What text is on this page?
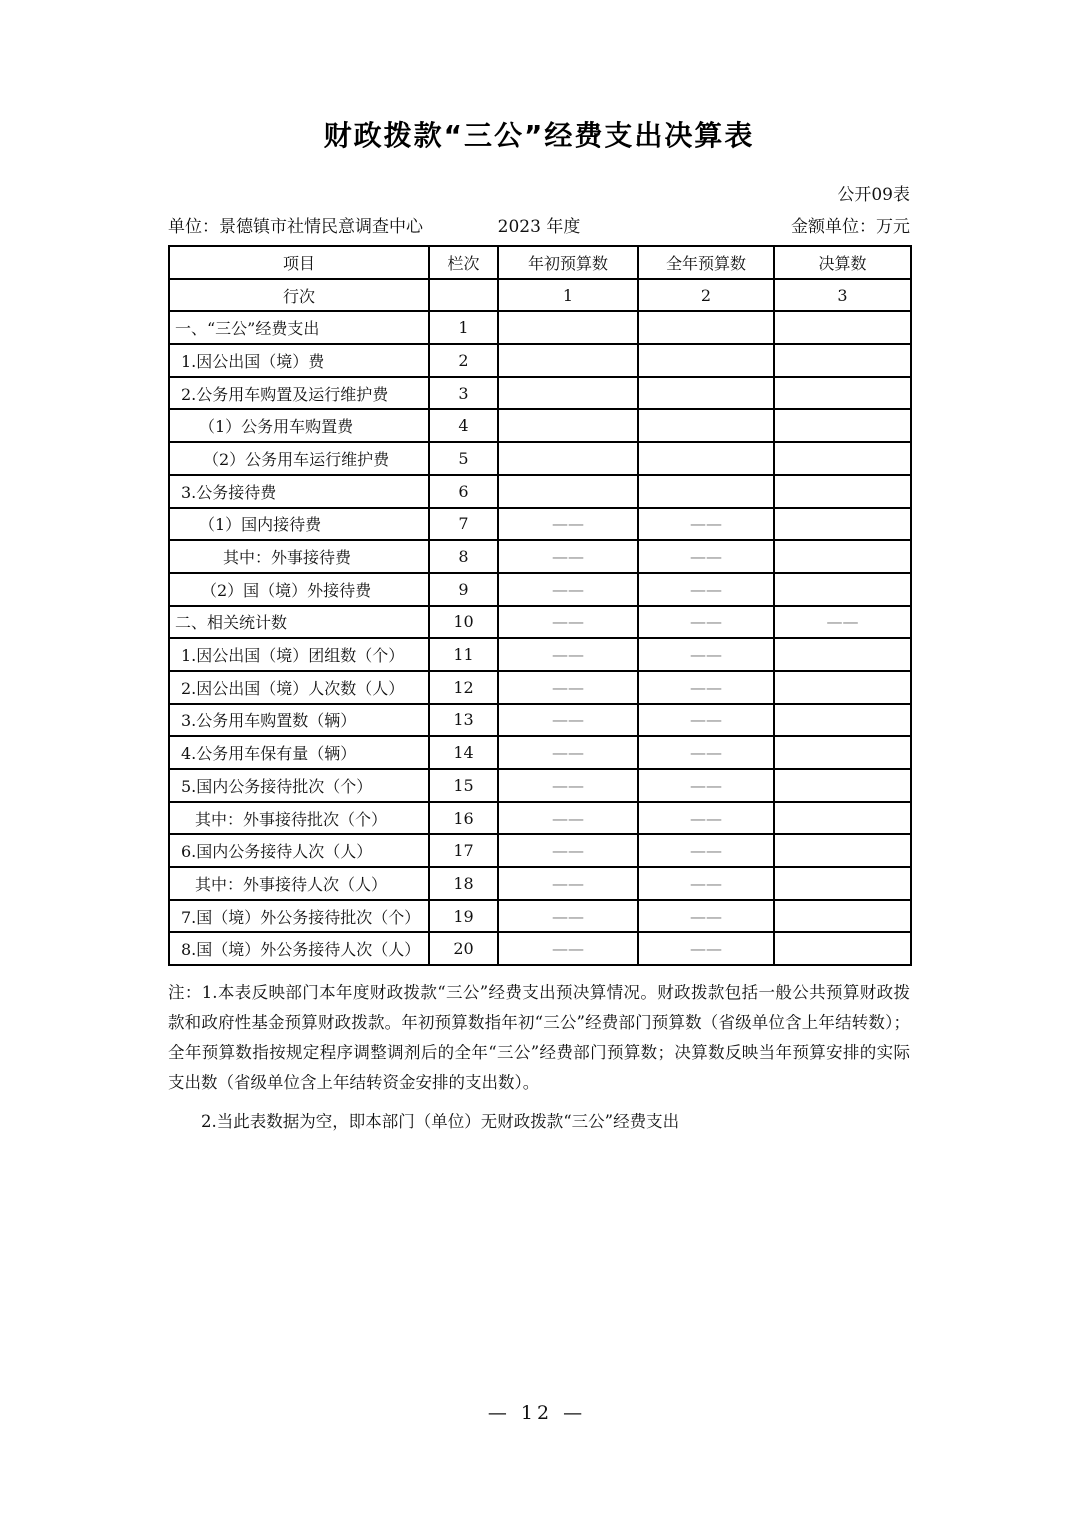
财政拨款“三公”经费支出决算表
公开09表
单位：景德镇市社情民意调查中心	2023 年度	金额单位：万元
项目	栏次	年初预算数	全年预算数	决算数
行次		1	2	3
一、“三公”经费支出	1			
1.因公出国（境）费	2			
2.公务用车购置及运行维护费	3			
（1）公务用车购置费	4			
（2）公务用车运行维护费	5			
3.公务接待费	6			
（1）国内接待费	7	——	——	
其中：外事接待费	8	——	——	
（2）国（境）外接待费	9	——	——	
二、相关统计数	10	——	——	——
1.因公出国（境）团组数（个）	11	——	——	
2.因公出国（境）人次数（人）	12	——	——	
3.公务用车购置数（辆）	13	——	——	
4.公务用车保有量（辆）	14	——	——	
5.国内公务接待批次（个）	15	——	——	
其中：外事接待批次（个）	16	——	——	
6.国内公务接待人次（人）	17	——	——	
其中：外事接待人次（人）	18	——	——	
7.国（境）外公务接待批次（个）	19	——	——	
8.国（境）外公务接待人次（人）	20	——	——	

注：1.本表反映部门本年度财政拨款“三公”经费支出预决算情况。财政拨款包括一般公共预算财政拨款和政府性基金预算财政拨款。年初预算数指年初“三公”经费部门预算数（省级单位含上年结转数）；全年预算数指按规定程序调整调剂后的全年“三公”经费部门预算数；决算数反映当年预算安排的实际支出数（省级单位含上年结转资金安排的支出数）。

2.当此表数据为空，即本部门（单位）无财政拨款“三公”经费支出

— 12 —
